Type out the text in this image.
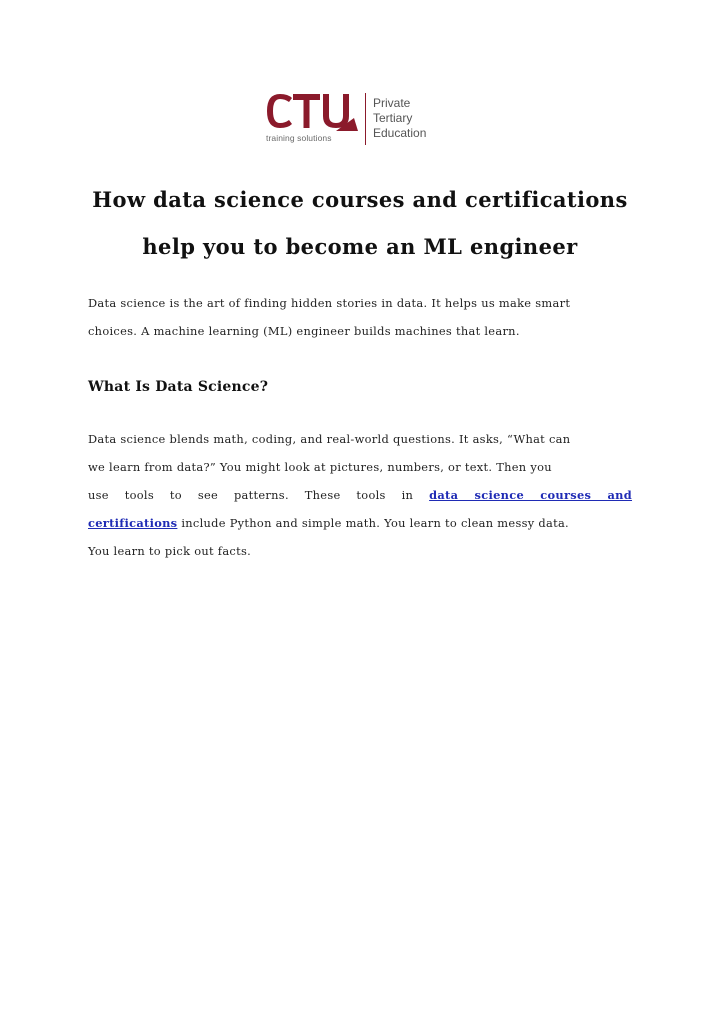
training solutions
Private
Tertiary
Education
How data science courses and certifications
help you to become an ML engineer

Data science is the art of finding hidden stories in data. It helps us make smart
choices. A machine learning (ML) engineer builds machines that learn.

What Is Data Science?

Data science blends math, coding, and real-world questions. It asks, “What can
we learn from data?” You might look at pictures, numbers, or text. Then you
use tools to see patterns. These tools in data science courses and
certifications include Python and simple math. You learn to clean messy data.
You learn to pick out facts.
